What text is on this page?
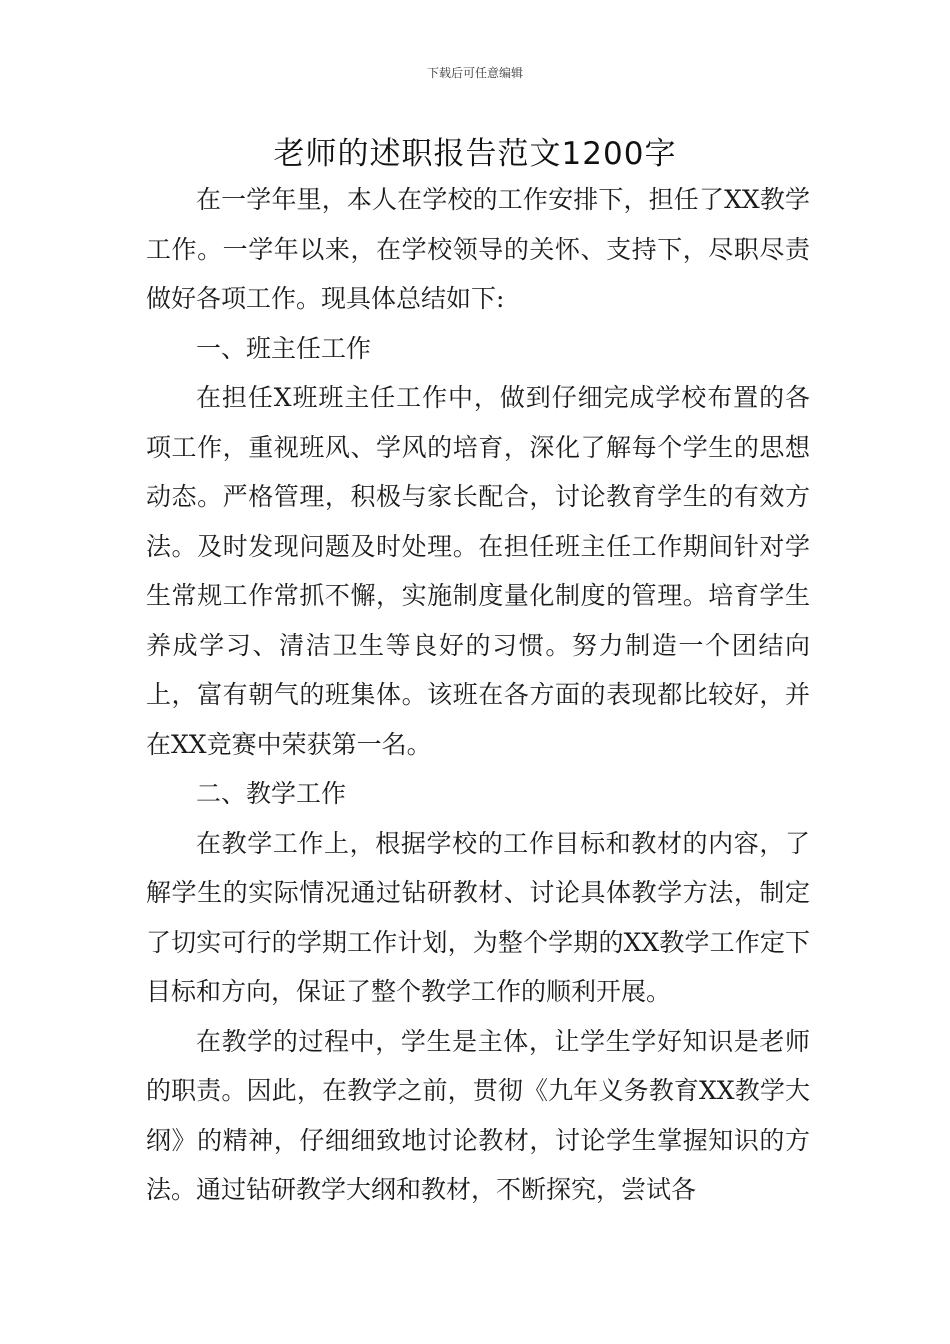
下载后可任意编辑
老师的述职报告范文1200字

在一学年里，本人在学校的工作安排下，担任了XX教学工作。一学年以来，在学校领导的关怀、支持下，尽职尽责做好各项工作。现具体总结如下:

一、班主任工作

在担任X班班主任工作中，做到仔细完成学校布置的各项工作，重视班风、学风的培育，深化了解每个学生的思想动态。严格管理，积极与家长配合，讨论教育学生的有效方法。及时发现问题及时处理。在担任班主任工作期间针对学生常规工作常抓不懈，实施制度量化制度的管理。培育学生养成学习、清洁卫生等良好的习惯。努力制造一个团结向上，富有朝气的班集体。该班在各方面的表现都比较好，并在XX竞赛中荣获第一名。

二、教学工作

在教学工作上，根据学校的工作目标和教材的内容，了解学生的实际情况通过钻研教材、讨论具体教学方法，制定了切实可行的学期工作计划，为整个学期的XX教学工作定下目标和方向，保证了整个教学工作的顺利开展。

在教学的过程中，学生是主体，让学生学好知识是老师的职责。因此，在教学之前，贯彻《九年义务教育XX教学大纲》的精神，仔细细致地讨论教材，讨论学生掌握知识的方法。通过钻研教学大纲和教材，不断探究，尝试各
